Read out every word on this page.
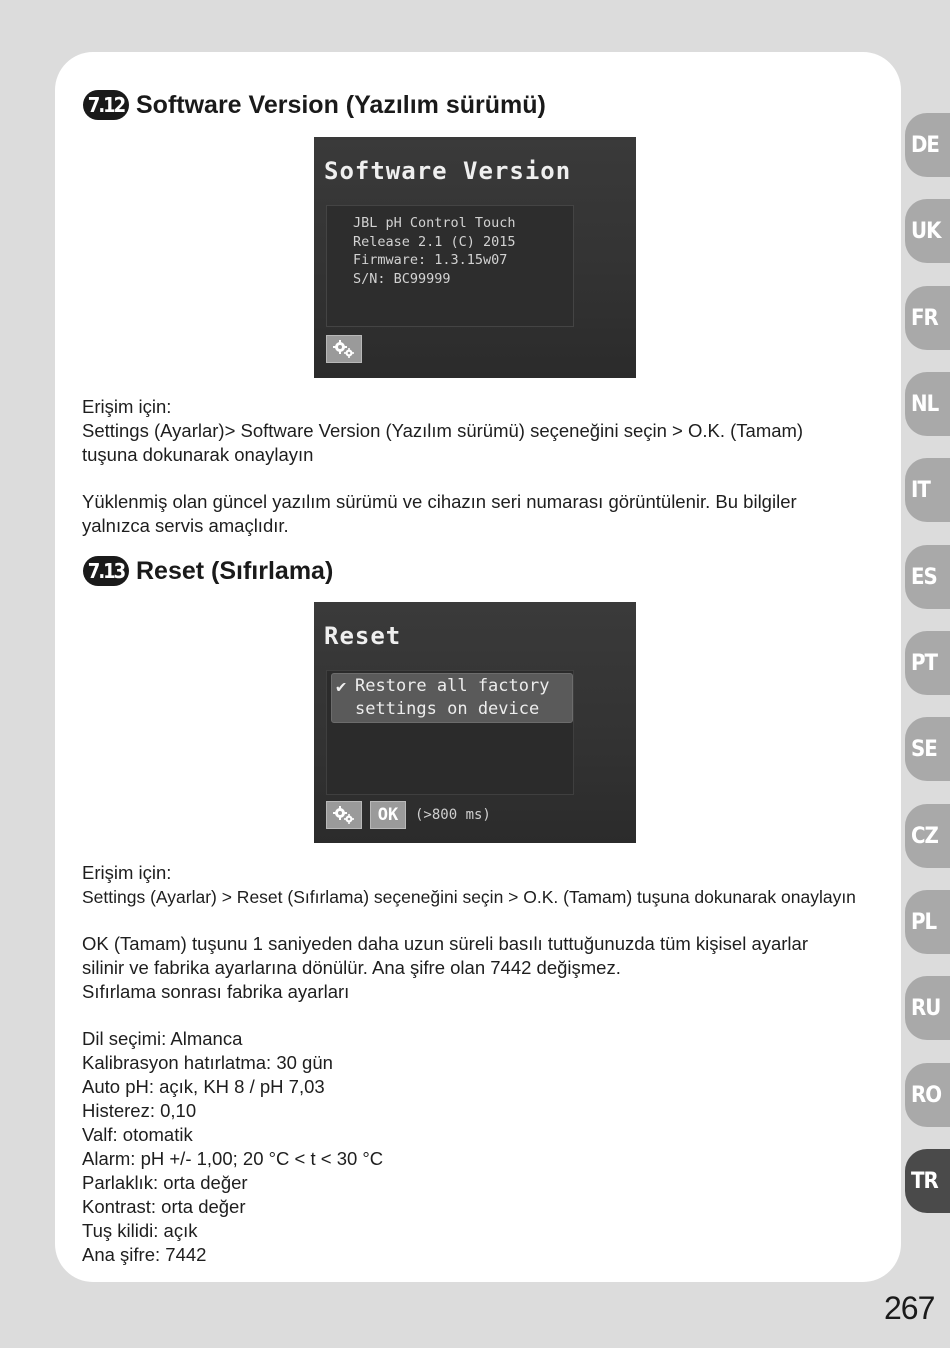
7.12 Software Version (Yazılım sürümü)
Software Version
JBL pH Control Touch
Release 2.1 (C) 2015
Firmware: 1.3.15w07
S/N: BC99999
Erişim için:
Settings (Ayarlar)> Software Version (Yazılım sürümü) seçeneğini seçin > O.K. (Tamam)
tuşuna dokunarak onaylayın
Yüklenmiş olan güncel yazılım sürümü ve cihazın seri numarası görüntülenir. Bu bilgiler
yalnızca servis amaçlıdır.
7.13 Reset (Sıfırlama)
Reset
✔ Restore all factory
settings on device
OK	(>800 ms)
Erişim için:
Settings (Ayarlar) > Reset (Sıfırlama) seçeneğini seçin > O.K. (Tamam) tuşuna dokunarak onaylayın
OK (Tamam) tuşunu 1 saniyeden daha uzun süreli basılı tuttuğunuzda tüm kişisel ayarlar
silinir ve fabrika ayarlarına dönülür. Ana şifre olan 7442 değişmez.
Sıfırlama sonrası fabrika ayarları
Dil seçimi: Almanca
Kalibrasyon hatırlatma: 30 gün
Auto pH: açık, KH 8 / pH 7,03
Histerez: 0,10
Valf: otomatik
Alarm: pH +/- 1,00; 20 °C < t < 30 °C
Parlaklık: orta değer
Kontrast: orta değer
Tuş kilidi: açık
Ana şifre: 7442
DE
UK
FR
NL
IT
ES
PT
SE
CZ
PL
RU
RO
TR
267
